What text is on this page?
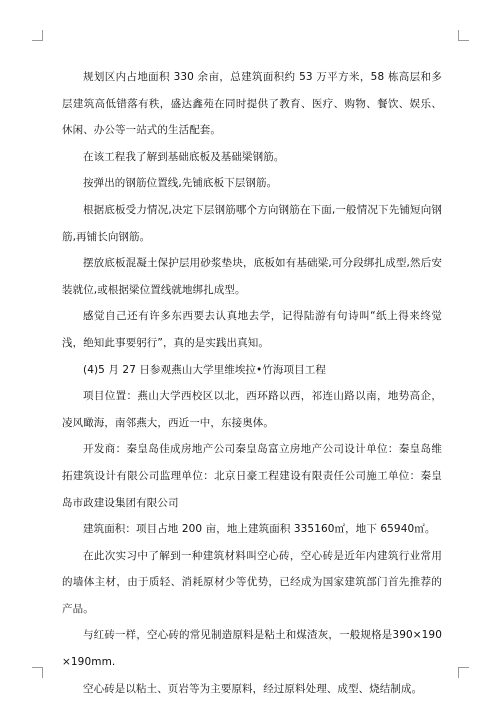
规划区内占地面积 330 余亩，总建筑面积约 53 万平方米，58 栋高层和多层建筑高低错落有秩，盛达鑫苑在同时提供了教育、医疗、购物、餐饮、娱乐、休闲、办公等一站式的生活配套。

在该工程我了解到基础底板及基础梁钢筋。

按弹出的钢筋位置线,先铺底板下层钢筋。

根据底板受力情况,决定下层钢筋哪个方向钢筋在下面,一般情况下先铺短向钢筋,再铺长向钢筋。

摆放底板混凝土保护层用砂浆垫块，底板如有基础梁,可分段绑扎成型,然后安装就位,或根据梁位置线就地绑扎成型。

感觉自己还有许多东西要去认真地去学，记得陆游有句诗叫“纸上得来终觉浅，绝知此事要躬行”，真的是实践出真知。

(4)5 月 27 日参观燕山大学里维埃拉•竹海项目工程

项目位置：燕山大学西校区以北，西环路以西，祁连山路以南，地势高企，凌风瞰海，南邻燕大，西近一中，东接奥体。

开发商：秦皇岛佳成房地产公司秦皇岛富立房地产公司设计单位：秦皇岛维拓建筑设计有限公司监理单位：北京日豪工程建设有限责任公司施工单位：秦皇岛市政建设集团有限公司

建筑面积：项目占地 200 亩，地上建筑面积 335160㎡，地下 65940㎡。

在此次实习中了解到一种建筑材料叫空心砖，空心砖是近年内建筑行业常用的墙体主材，由于质轻、消耗原材少等优势，已经成为国家建筑部门首先推荐的产品。

与红砖一样，空心砖的常见制造原料是粘土和煤渣灰，一般规格是390×190×190mm.

空心砖是以粘土、页岩等为主要原料，经过原料处理、成型、烧结制成。
